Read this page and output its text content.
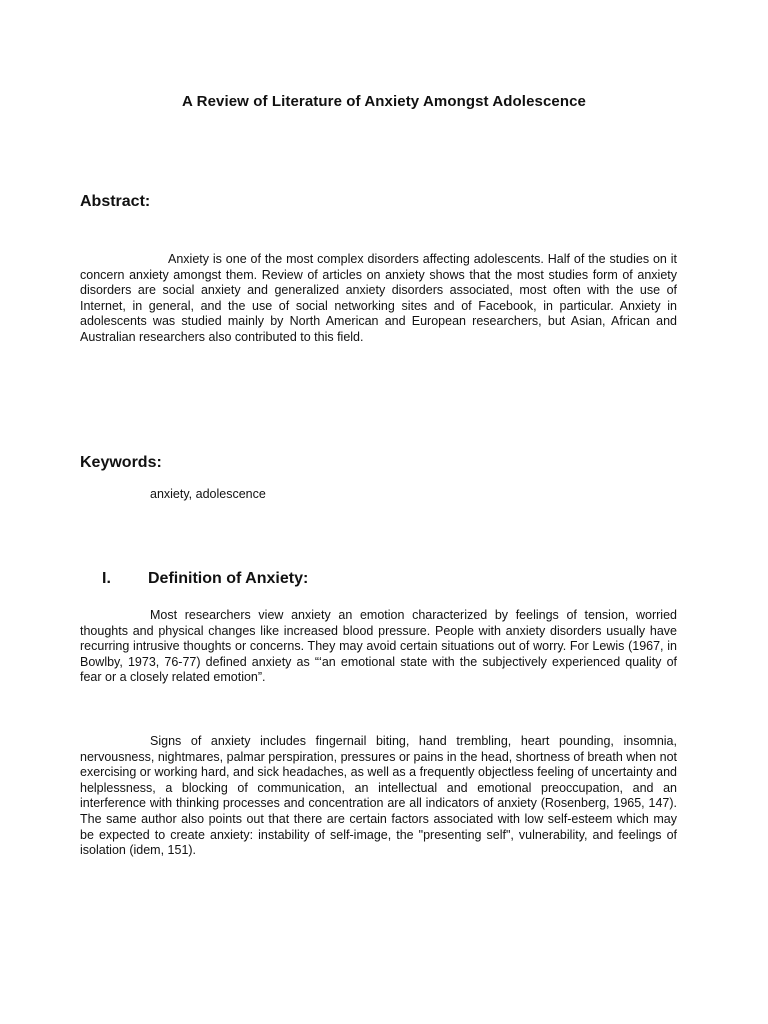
A Review of Literature of Anxiety Amongst Adolescence
Abstract:

Anxiety is one of the most complex disorders affecting adolescents. Half of the studies on it concern anxiety amongst them. Review of articles on anxiety shows that the most studies form of anxiety disorders are social anxiety and generalized anxiety disorders associated, most often with the use of Internet, in general, and the use of social networking sites and of Facebook, in particular. Anxiety in adolescents was studied mainly by North American and European researchers, but Asian, African and Australian researchers also contributed to this field.

Keywords:
anxiety, adolescence
I. Definition of Anxiety:

Most researchers view anxiety an emotion characterized by feelings of tension, worried thoughts and physical changes like increased blood pressure. People with anxiety disorders usually have recurring intrusive thoughts or concerns. They may avoid certain situations out of worry. For Lewis (1967, in Bowlby, 1973, 76-77) defined anxiety as “‘an emotional state with the subjectively experienced quality of fear or a closely related emotion”.

Signs of anxiety includes fingernail biting, hand trembling, heart pounding, insomnia, nervousness, nightmares, palmar perspiration, pressures or pains in the head, shortness of breath when not exercising or working hard, and sick headaches, as well as a frequently objectless feeling of uncertainty and helplessness, a blocking of communication, an intellectual and emotional preoccupation, and an interference with thinking processes and concentration are all indicators of anxiety (Rosenberg, 1965, 147). The same author also points out that there are certain factors associated with low self-esteem which may be expected to create anxiety: instability of self-image, the "presenting self", vulnerability, and feelings of isolation (idem, 151).
